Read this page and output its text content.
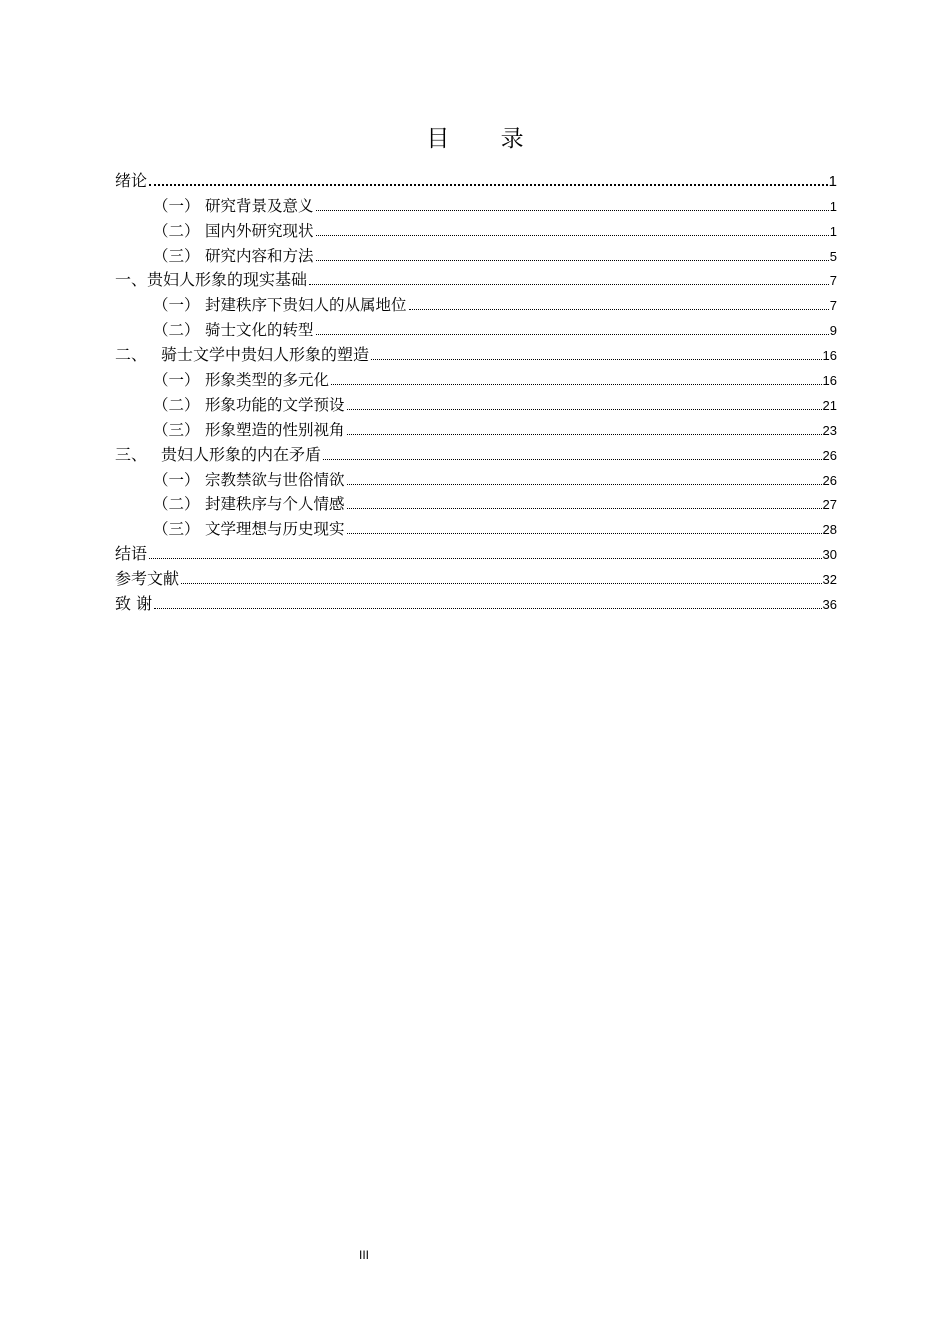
目 录
绪论	1
（一） 研究背景及意义	1
（二） 国内外研究现状	1
（三） 研究内容和方法	5
一、贵妇人形象的现实基础	7
（一） 封建秩序下贵妇人的从属地位	7
（二） 骑士文化的转型	9
二、 骑士文学中贵妇人形象的塑造	16
（一） 形象类型的多元化	16
（二） 形象功能的文学预设	21
（三） 形象塑造的性别视角	23
三、 贵妇人形象的内在矛盾	26
（一） 宗教禁欲与世俗情欲	26
（二） 封建秩序与个人情感	27
（三） 文学理想与历史现实	28
结语	30
参考文献	32
致 谢	36
III
